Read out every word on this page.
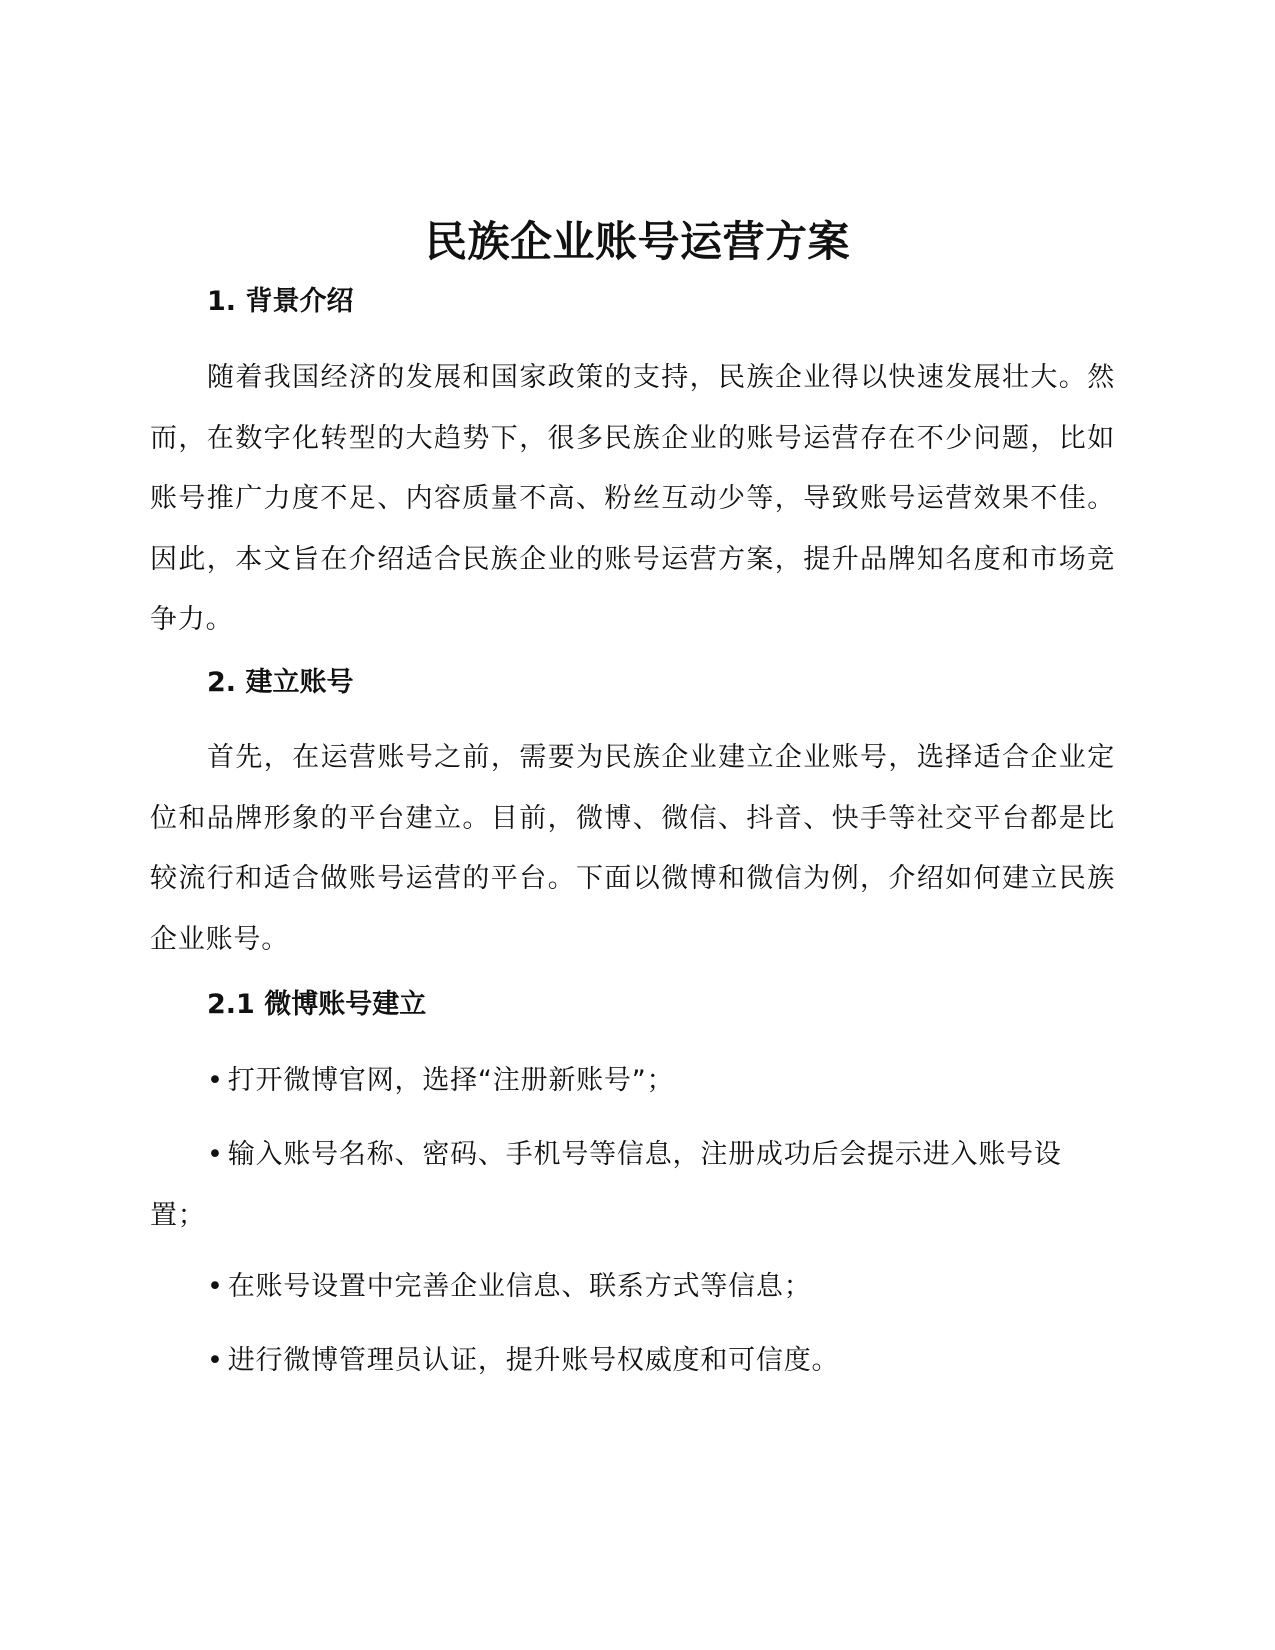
民族企业账号运营方案
1. 背景介绍

随着我国经济的发展和国家政策的支持，民族企业得以快速发展壮大。然而，在数字化转型的大趋势下，很多民族企业的账号运营存在不少问题，比如账号推广力度不足、内容质量不高、粉丝互动少等，导致账号运营效果不佳。因此，本文旨在介绍适合民族企业的账号运营方案，提升品牌知名度和市场竞争力。

2. 建立账号

首先，在运营账号之前，需要为民族企业建立企业账号，选择适合企业定位和品牌形象的平台建立。目前，微博、微信、抖音、快手等社交平台都是比较流行和适合做账号运营的平台。下面以微博和微信为例，介绍如何建立民族企业账号。

2.1 微博账号建立

• 打开微博官网，选择“注册新账号”；

• 输入账号名称、密码、手机号等信息，注册成功后会提示进入账号设置；

• 在账号设置中完善企业信息、联系方式等信息；

• 进行微博管理员认证，提升账号权威度和可信度。
